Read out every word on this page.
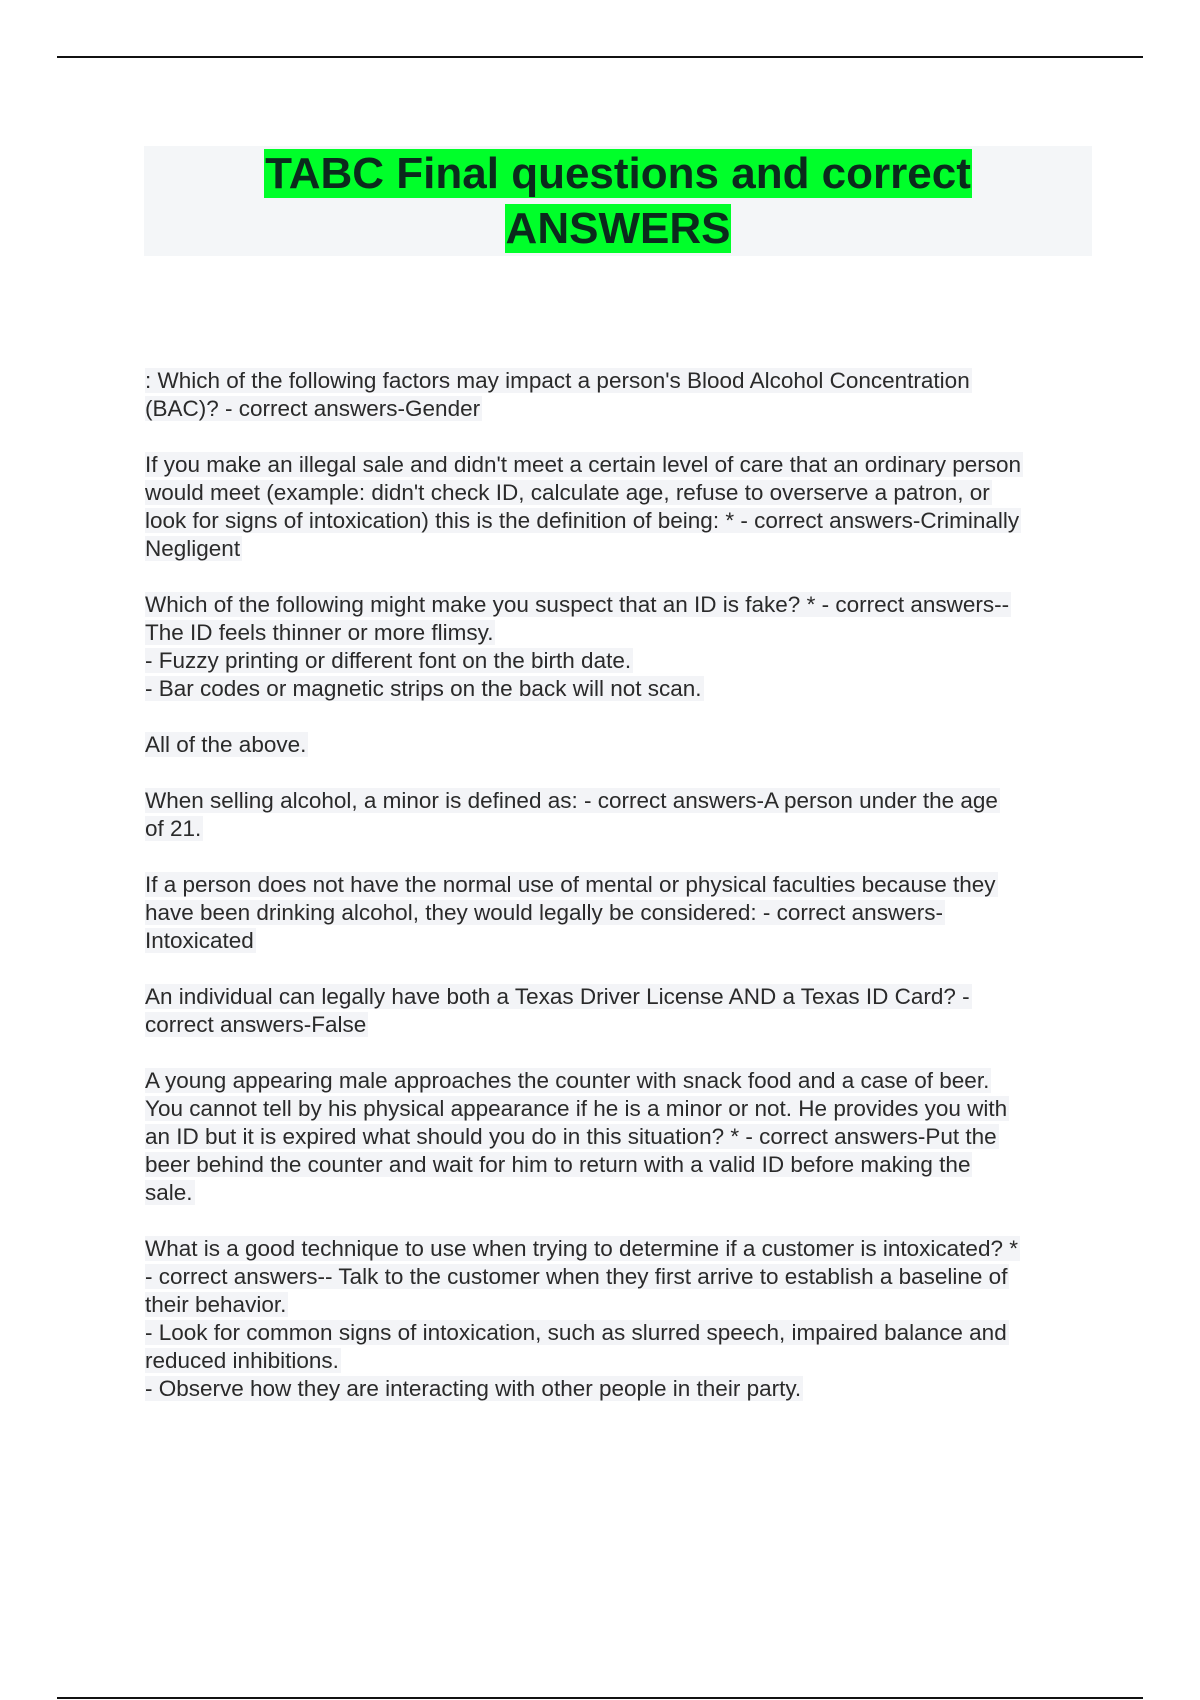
TABC Final questions and correct
ANSWERS
: Which of the following factors may impact a person's Blood Alcohol Concentration
(BAC)? - correct answers-Gender
If you make an illegal sale and didn't meet a certain level of care that an ordinary person
would meet (example: didn't check ID, calculate age, refuse to overserve a patron, or
look for signs of intoxication) this is the definition of being: * - correct answers-Criminally
Negligent
Which of the following might make you suspect that an ID is fake? * - correct answers--
The ID feels thinner or more flimsy.
- Fuzzy printing or different font on the birth date.
- Bar codes or magnetic strips on the back will not scan.
All of the above.
When selling alcohol, a minor is defined as: - correct answers-A person under the age
of 21.
If a person does not have the normal use of mental or physical faculties because they
have been drinking alcohol, they would legally be considered: - correct answers-
Intoxicated
An individual can legally have both a Texas Driver License AND a Texas ID Card? -
correct answers-False
A young appearing male approaches the counter with snack food and a case of beer.
You cannot tell by his physical appearance if he is a minor or not. He provides you with
an ID but it is expired what should you do in this situation? * - correct answers-Put the
beer behind the counter and wait for him to return with a valid ID before making the
sale.
What is a good technique to use when trying to determine if a customer is intoxicated? *
- correct answers-- Talk to the customer when they first arrive to establish a baseline of
their behavior.
- Look for common signs of intoxication, such as slurred speech, impaired balance and
reduced inhibitions.
- Observe how they are interacting with other people in their party.
